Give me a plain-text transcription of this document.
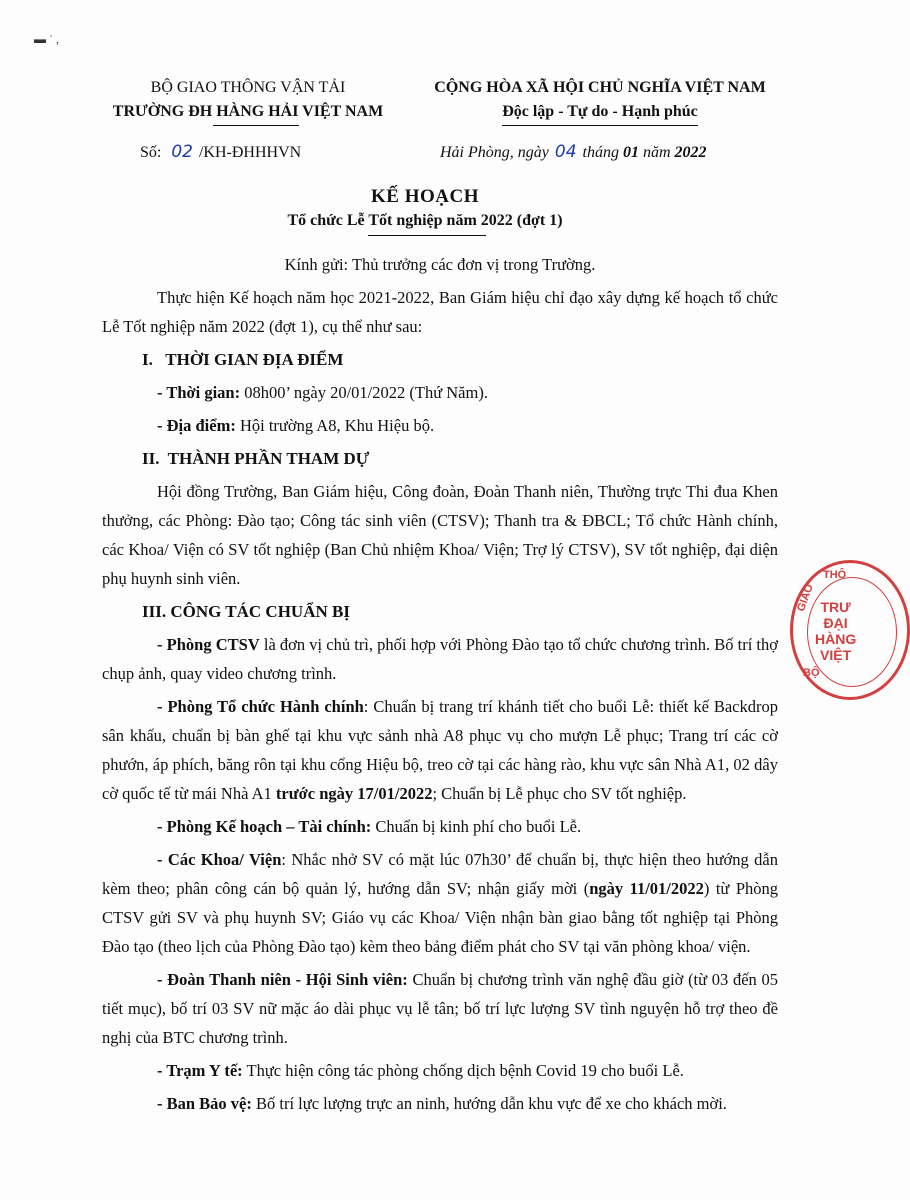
▬ ˙ ,
BỘ GIAO THÔNG VẬN TẢI
TRƯỜNG ĐH HÀNG HẢI VIỆT NAM
CỘNG HÒA XÃ HỘI CHỦ NGHĨA VIỆT NAM
Độc lập - Tự do - Hạnh phúc
Số: 02 /KH-ĐHHHVN	Hải Phòng, ngày 04 tháng 01 năm 2022
KẾ HOẠCH
Tổ chức Lễ Tốt nghiệp năm 2022 (đợt 1)

Kính gửi: Thủ trưởng các đơn vị trong Trường.

Thực hiện Kế hoạch năm học 2021-2022, Ban Giám hiệu chỉ đạo xây dựng kế hoạch tổ chức Lễ Tốt nghiệp năm 2022 (đợt 1), cụ thể như sau:

I.   THỜI GIAN ĐỊA ĐIỂM

- Thời gian: 08h00’ ngày 20/01/2022 (Thứ Năm).

- Địa điểm: Hội trường A8, Khu Hiệu bộ.

II.  THÀNH PHẦN THAM DỰ

Hội đồng Trường, Ban Giám hiệu, Công đoàn, Đoàn Thanh niên, Thường trực Thi đua Khen thưởng, các Phòng: Đào tạo; Công tác sinh viên (CTSV); Thanh tra & ĐBCL; Tổ chức Hành chính, các Khoa/ Viện có SV tốt nghiệp (Ban Chủ nhiệm Khoa/ Viện; Trợ lý CTSV), SV tốt nghiệp, đại diện phụ huynh sinh viên.

III. CÔNG TÁC CHUẨN BỊ

- Phòng CTSV là đơn vị chủ trì, phối hợp với Phòng Đào tạo tổ chức chương trình. Bố trí thợ chụp ảnh, quay video chương trình.

- Phòng Tổ chức Hành chính: Chuẩn bị trang trí khánh tiết cho buổi Lễ: thiết kế Backdrop sân khấu, chuẩn bị bàn ghế tại khu vực sảnh nhà A8 phục vụ cho mượn Lễ phục; Trang trí các cờ phướn, áp phích, băng rôn tại khu cổng Hiệu bộ, treo cờ tại các hàng rào, khu vực sân Nhà A1, 02 dây cờ quốc tế từ mái Nhà A1 trước ngày 17/01/2022; Chuẩn bị Lễ phục cho SV tốt nghiệp.

- Phòng Kế hoạch – Tài chính: Chuẩn bị kinh phí cho buổi Lễ.

- Các Khoa/ Viện: Nhắc nhở SV có mặt lúc 07h30’ để chuẩn bị, thực hiện theo hướng dẫn kèm theo; phân công cán bộ quản lý, hướng dẫn SV; nhận giấy mời (ngày 11/01/2022) từ Phòng CTSV gửi SV và phụ huynh SV; Giáo vụ các Khoa/ Viện nhận bàn giao bằng tốt nghiệp tại Phòng Đào tạo (theo lịch của Phòng Đào tạo) kèm theo bảng điểm phát cho SV tại văn phòng khoa/ viện.

- Đoàn Thanh niên - Hội Sinh viên: Chuẩn bị chương trình văn nghệ đầu giờ (từ 03 đến 05 tiết mục), bố trí 03 SV nữ mặc áo dài phục vụ lễ tân; bố trí lực lượng SV tình nguyện hỗ trợ theo đề nghị của BTC chương trình.

- Trạm Y tế: Thực hiện công tác phòng chống dịch bệnh Covid 19 cho buổi Lễ.

- Ban Bảo vệ: Bố trí lực lượng trực an ninh, hướng dẫn khu vực để xe cho khách mời.

THÔ
GIAO
BỘ
TRƯ
ĐẠI
HÀNG
VIỆT
